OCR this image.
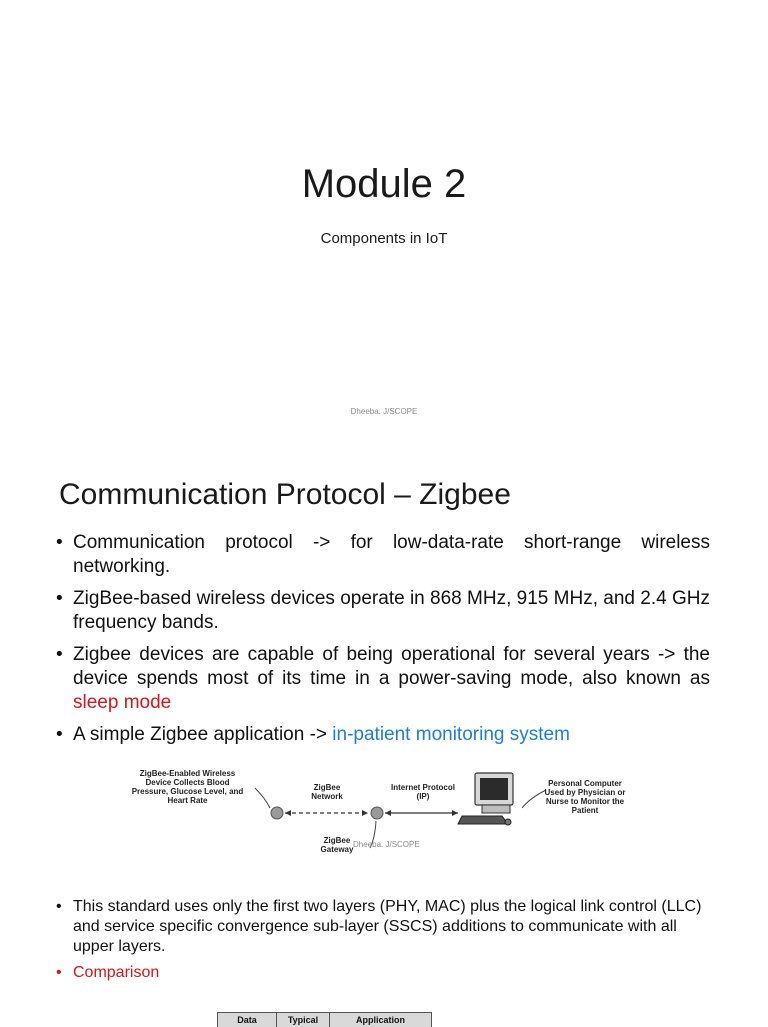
Module 2
Components in IoT
Dheeba. J/SCOPE
Communication Protocol – Zigbee
• Communication protocol -> for low-data-rate short-range wireless networking.
• ZigBee-based wireless devices operate in 868 MHz, 915 MHz, and 2.4 GHz frequency bands.
• Zigbee devices are capable of being operational for several years -> the device spends most of its time in a power-saving mode, also known as sleep mode
• A simple Zigbee application -> in-patient monitoring system
ZigBee-Enabled Wireless Device Collects Blood Pressure, Glucose Level, and Heart Rate
ZigBee Network
Internet Protocol (IP)
ZigBee Gateway
Personal Computer Used by Physician or Nurse to Monitor the Patient
Dheeba. J/SCOPE
• This standard uses only the first two layers (PHY, MAC) plus the logical link control (LLC) and service specific convergence sub-layer (SSCS) additions to communicate with all upper layers.
• Comparison
Data	Typical	Application
